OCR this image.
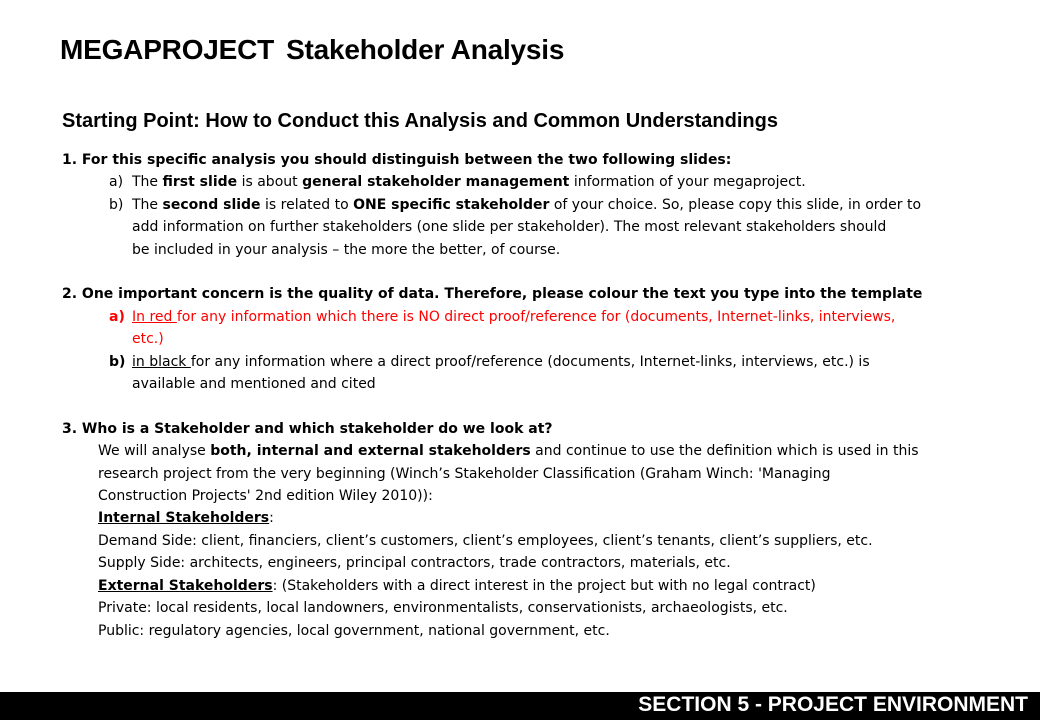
MEGAPROJECT Stakeholder Analysis
Starting Point: How to Conduct this Analysis and Common Understandings
1. For this specific analysis you should distinguish between the two following slides:
a) The first slide is about general stakeholder management information of your megaproject.
b) The second slide is related to ONE specific stakeholder of your choice. So, please copy this slide, in order to
add information on further stakeholders (one slide per stakeholder). The most relevant stakeholders should
be included in your analysis – the more the better, of course.
2. One important concern is the quality of data. Therefore, please colour the text you type into the template
a) In red for any information which there is NO direct proof/reference for (documents, Internet-links, interviews,
etc.)
b) in black for any information where a direct proof/reference (documents, Internet-links, interviews, etc.) is
available and mentioned and cited
3. Who is a Stakeholder and which stakeholder do we look at?
We will analyse both, internal and external stakeholders and continue to use the definition which is used in this
research project from the very beginning (Winch’s Stakeholder Classification (Graham Winch: 'Managing
Construction Projects' 2nd edition Wiley 2010)):
Internal Stakeholders:
Demand Side: client, financiers, client’s customers, client’s employees, client’s tenants, client’s suppliers, etc.
Supply Side: architects, engineers, principal contractors, trade contractors, materials, etc.
External Stakeholders: (Stakeholders with a direct interest in the project but with no legal contract)
Private: local residents, local landowners, environmentalists, conservationists, archaeologists, etc.
Public: regulatory agencies, local government, national government, etc.
SECTION 5 - PROJECT ENVIRONMENT
